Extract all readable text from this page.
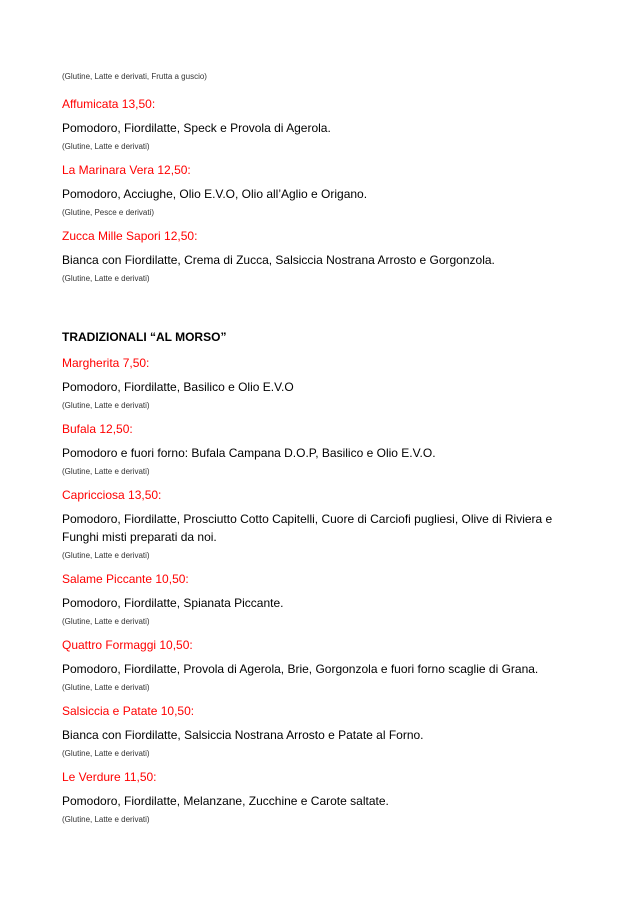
(Glutine, Latte e derivati, Frutta a guscio)

Affumicata 13,50:

Pomodoro, Fiordilatte, Speck e Provola di Agerola.

(Glutine, Latte e derivati)

La Marinara Vera 12,50:

Pomodoro, Acciughe, Olio E.V.O, Olio all’Aglio e Origano.

(Glutine, Pesce e derivati)

Zucca Mille Sapori 12,50:

Bianca con Fiordilatte, Crema di Zucca, Salsiccia Nostrana Arrosto e Gorgonzola.

(Glutine, Latte e derivati)

TRADIZIONALI “AL MORSO”

Margherita 7,50:

Pomodoro, Fiordilatte, Basilico e Olio E.V.O

(Glutine, Latte e derivati)

Bufala 12,50:

Pomodoro e fuori forno: Bufala Campana D.O.P, Basilico e Olio E.V.O.

(Glutine, Latte e derivati)

Capricciosa 13,50:

Pomodoro, Fiordilatte, Prosciutto Cotto Capitelli, Cuore di Carciofi pugliesi, Olive di Riviera e Funghi misti preparati da noi.

(Glutine, Latte e derivati)

Salame Piccante 10,50:

Pomodoro, Fiordilatte, Spianata Piccante.

(Glutine, Latte e derivati)

Quattro Formaggi 10,50:

Pomodoro, Fiordilatte, Provola di Agerola, Brie, Gorgonzola e fuori forno scaglie di Grana.

(Glutine, Latte e derivati)

Salsiccia e Patate 10,50:

Bianca con Fiordilatte, Salsiccia Nostrana Arrosto e Patate al Forno.

(Glutine, Latte e derivati)

Le Verdure 11,50:

Pomodoro, Fiordilatte, Melanzane, Zucchine e Carote saltate.

(Glutine, Latte e derivati)
